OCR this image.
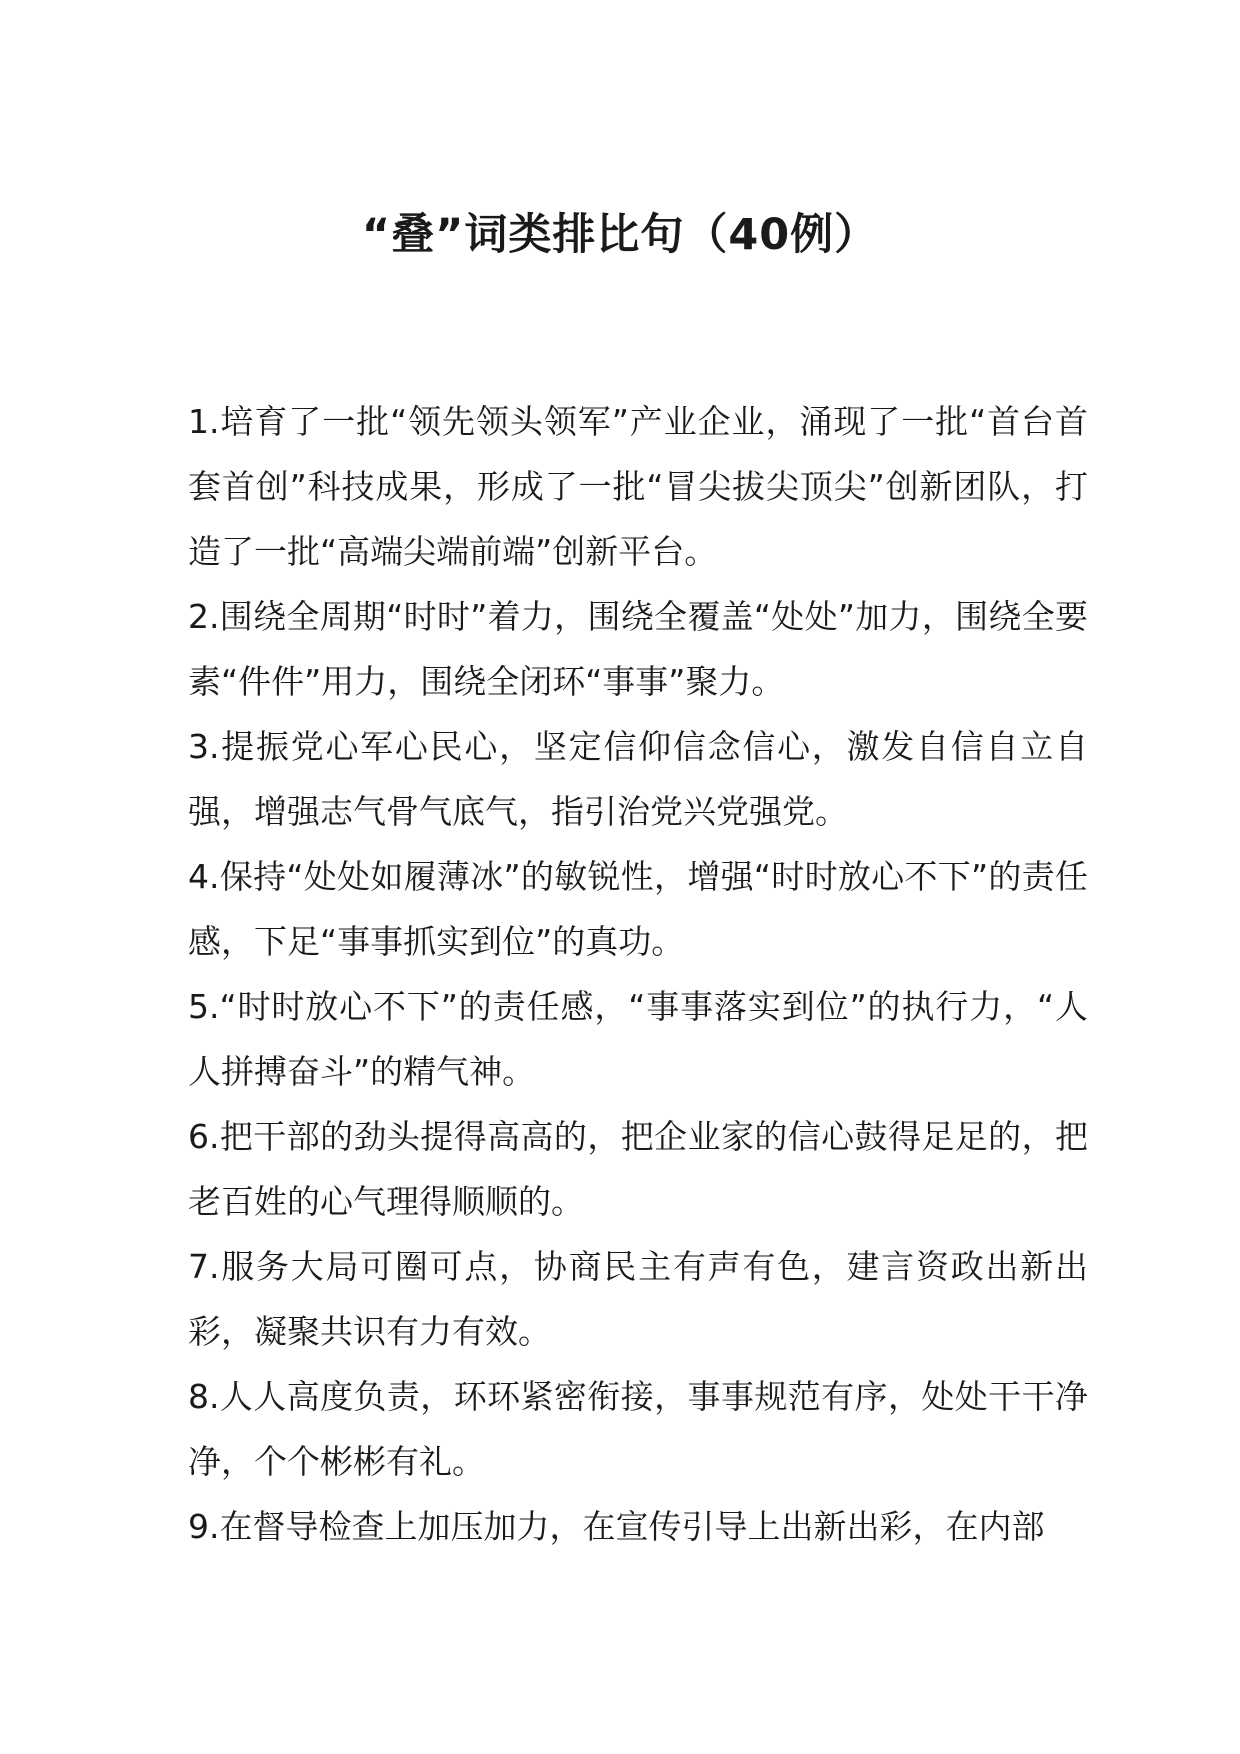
“叠”词类排比句（40例）

1.培育了一批“领先领头领军”产业企业，涌现了一批“首台首套首创”科技成果，形成了一批“冒尖拔尖顶尖”创新团队，打造了一批“高端尖端前端”创新平台。

2.围绕全周期“时时”着力，围绕全覆盖“处处”加力，围绕全要素“件件”用力，围绕全闭环“事事”聚力。

3.提振党心军心民心，坚定信仰信念信心，激发自信自立自强，增强志气骨气底气，指引治党兴党强党。

4.保持“处处如履薄冰”的敏锐性，增强“时时放心不下”的责任感，下足“事事抓实到位”的真功。

5.“时时放心不下”的责任感，“事事落实到位”的执行力，“人人拼搏奋斗”的精气神。

6.把干部的劲头提得高高的，把企业家的信心鼓得足足的，把老百姓的心气理得顺顺的。

7.服务大局可圈可点，协商民主有声有色，建言资政出新出彩，凝聚共识有力有效。

8.人人高度负责，环环紧密衔接，事事规范有序，处处干干净净，个个彬彬有礼。

9.在督导检查上加压加力，在宣传引导上出新出彩，在内部
